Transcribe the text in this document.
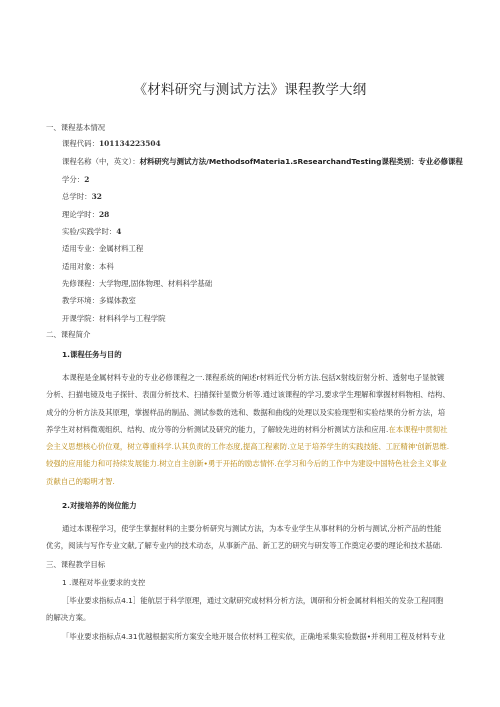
《材料研究与测试方法》课程教学大纲
一、课程基本情况
课程代码：101134223504
课程名称（中，英文）：材料研究与测试方法/MethodsofMateria1.sResearchandTesting课程类别：专业必修课程
学分：2
总学时：32
理论学时：28
实验/实践学时：4
适用专业：金属材料工程
适用对象：本科
先修课程：大学物理,固体物理、材料科学基础
教学环境：多媒体教室
开课学院：材料科学与工程学院
二、课程简介
1.课程任务与目的
本课程是金属材料专业的专业必修课程之一.课程系统的阐述r材料近代分析方法.包括X射线衍射分析、透射电子显彼镀
分析、扫描电镜及电子探针、表面分析技术、扫描探针显微分析等.通过该课程的学习,要求学生理解和掌握材料物相、结构、
成分的分析方法及其原理，掌握样品的制品、测试参数的选和、数据和曲线的处理以及实验现型和实验结果的分析方法，培
养学生对材料微观组织、结构、成分等的分析测试及研究的能力，了解较先进的材料分析测试方法和应用.在本课程中贯彻社
会主义思想核心价位观，树立尊重科学.认其负责的工作态度,提高工程素防.立足于培养学生的实践技能、工匠精神'创新思维.
较强的应用能力和可持续发展能力.树立自主创新•勇于开拓的励志情怀.在学习和今后的工作中为建设中国特色社会主义事业
贡献自己的聪明才智.
2.对接培养的岗位能力
通过本课程学习，使学生掌握材料的主要分析研究与测试方法，为本专业学生从事材料的分析与测试,分析产品的性能
优劣，阅读与写作专业文献,了解专业内的技术动态，从事新产品、新工艺的研究与研发等工作奠定必要的理论和技术基础.
三、课程教学目标
1 .课程对毕业要求的支控
［毕业要求指标点4.1］能航层于科学原理，通过文献研究或材料分析方法，调研和分析金属材料相关的发杂工程同胞
的解决方案。
「毕业要求指标点4.31优越根据实所方案安全地开展合依材料工程实依，正确地采集实验数据•并利用工程及材料专业
